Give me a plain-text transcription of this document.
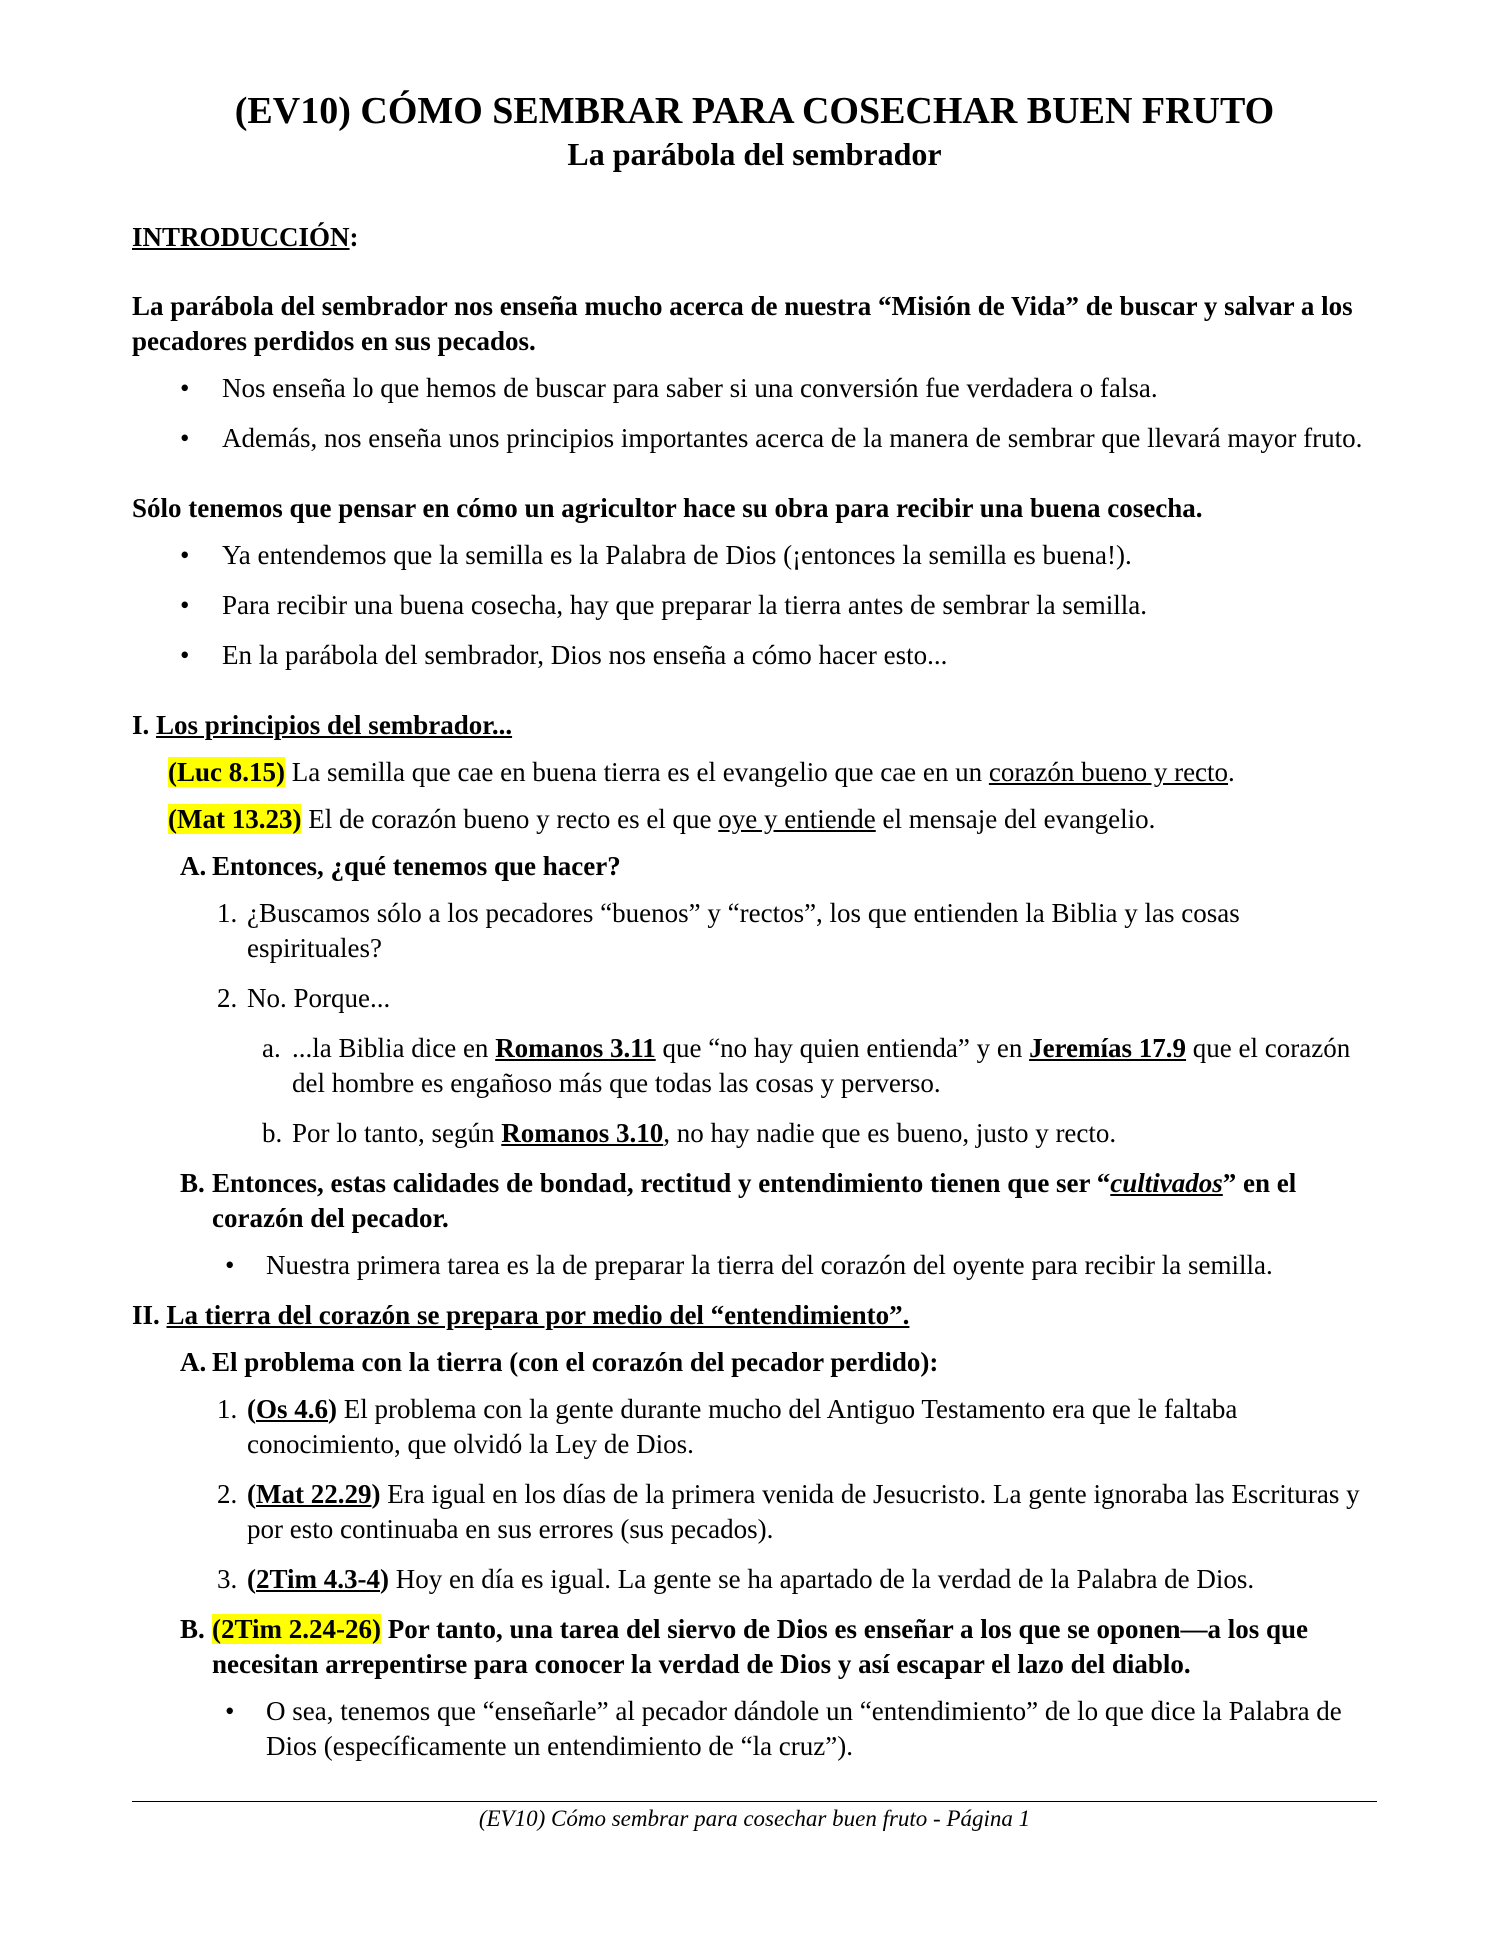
(EV10) CÓMO SEMBRAR PARA COSECHAR BUEN FRUTO

La parábola del sembrador

INTRODUCCIÓN:

La parábola del sembrador nos enseña mucho acerca de nuestra “Misión de Vida” de buscar y salvar a los pecadores perdidos en sus pecados.

• Nos enseña lo que hemos de buscar para saber si una conversión fue verdadera o falsa.
• Además, nos enseña unos principios importantes acerca de la manera de sembrar que llevará mayor fruto.

Sólo tenemos que pensar en cómo un agricultor hace su obra para recibir una buena cosecha.

• Ya entendemos que la semilla es la Palabra de Dios (¡entonces la semilla es buena!).
• Para recibir una buena cosecha, hay que preparar la tierra antes de sembrar la semilla.
• En la parábola del sembrador, Dios nos enseña a cómo hacer esto...

I. Los principios del sembrador...

(Luc 8.15) La semilla que cae en buena tierra es el evangelio que cae en un corazón bueno y recto.

(Mat 13.23) El de corazón bueno y recto es el que oye y entiende el mensaje del evangelio.

A. Entonces, ¿qué tenemos que hacer?

1. ¿Buscamos sólo a los pecadores “buenos” y “rectos”, los que entienden la Biblia y las cosas espirituales?

2. No. Porque...

a. ...la Biblia dice en Romanos 3.11 que “no hay quien entienda” y en Jeremías 17.9 que el corazón del hombre es engañoso más que todas las cosas y perverso.

b. Por lo tanto, según Romanos 3.10, no hay nadie que es bueno, justo y recto.

B. Entonces, estas calidades de bondad, rectitud y entendimiento tienen que ser “cultivados” en el corazón del pecador.

• Nuestra primera tarea es la de preparar la tierra del corazón del oyente para recibir la semilla.

II. La tierra del corazón se prepara por medio del “entendimiento”.

A. El problema con la tierra (con el corazón del pecador perdido):

1. (Os 4.6) El problema con la gente durante mucho del Antiguo Testamento era que le faltaba conocimiento, que olvidó la Ley de Dios.

2. (Mat 22.29) Era igual en los días de la primera venida de Jesucristo. La gente ignoraba las Escrituras y por esto continuaba en sus errores (sus pecados).

3. (2Tim 4.3-4) Hoy en día es igual. La gente se ha apartado de la verdad de la Palabra de Dios.

B. (2Tim 2.24-26) Por tanto, una tarea del siervo de Dios es enseñar a los que se oponen—a los que necesitan arrepentirse para conocer la verdad de Dios y así escapar el lazo del diablo.

• O sea, tenemos que “enseñarle” al pecador dándole un “entendimiento” de lo que dice la Palabra de Dios (específicamente un entendimiento de “la cruz”).
(EV10) Cómo sembrar para cosechar buen fruto - Página 1
